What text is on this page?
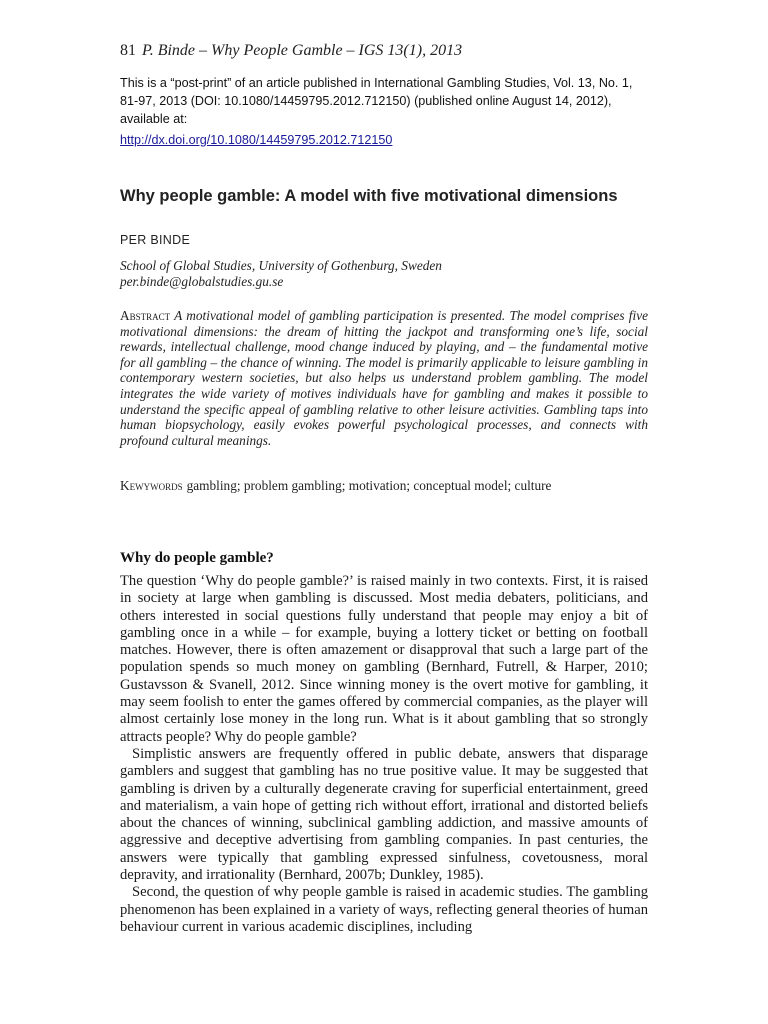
81 P. Binde – Why People Gamble – IGS 13(1), 2013
This is a “post-print” of an article published in International Gambling Studies, Vol. 13, No. 1, 81-97, 2013 (DOI: 10.1080/14459795.2012.712150) (published online August 14, 2012), available at:
http://dx.doi.org/10.1080/14459795.2012.712150
Why people gamble: A model with five motivational dimensions
PER BINDE
School of Global Studies, University of Gothenburg, Sweden
per.binde@globalstudies.gu.se

Abstract A motivational model of gambling participation is presented. The model comprises five motivational dimensions: the dream of hitting the jackpot and transforming one’s life, social rewards, intellectual challenge, mood change induced by playing, and – the fundamental motive for all gambling – the chance of winning. The model is primarily applicable to leisure gambling in contemporary western societies, but also helps us understand problem gambling. The model integrates the wide variety of motives individuals have for gambling and makes it possible to understand the specific appeal of gambling relative to other leisure activities. Gambling taps into human biopsychology, easily evokes powerful psychological processes, and connects with profound cultural meanings.

Kewywords gambling; problem gambling; motivation; conceptual model; culture
Why do people gamble?

The question ‘Why do people gamble?’ is raised mainly in two contexts. First, it is raised in society at large when gambling is discussed. Most media debaters, politicians, and others interested in social questions fully understand that people may enjoy a bit of gambling once in a while – for example, buying a lottery ticket or betting on football matches. However, there is often amazement or disapproval that such a large part of the population spends so much money on gambling (Bernhard, Futrell, & Harper, 2010; Gustavsson & Svanell, 2012. Since winning money is the overt motive for gambling, it may seem foolish to enter the games offered by commercial companies, as the player will almost certainly lose money in the long run. What is it about gambling that so strongly attracts people? Why do people gamble?

Simplistic answers are frequently offered in public debate, answers that disparage gamblers and suggest that gambling has no true positive value. It may be suggested that gambling is driven by a culturally degenerate craving for superficial entertainment, greed and materialism, a vain hope of getting rich without effort, irrational and distorted beliefs about the chances of winning, subclinical gambling addiction, and massive amounts of aggressive and deceptive advertising from gambling companies. In past centuries, the answers were typically that gambling expressed sinfulness, covetousness, moral depravity, and irrationality (Bernhard, 2007b; Dunkley, 1985).

Second, the question of why people gamble is raised in academic studies. The gambling phenomenon has been explained in a variety of ways, reflecting general theories of human behaviour current in various academic disciplines, including
